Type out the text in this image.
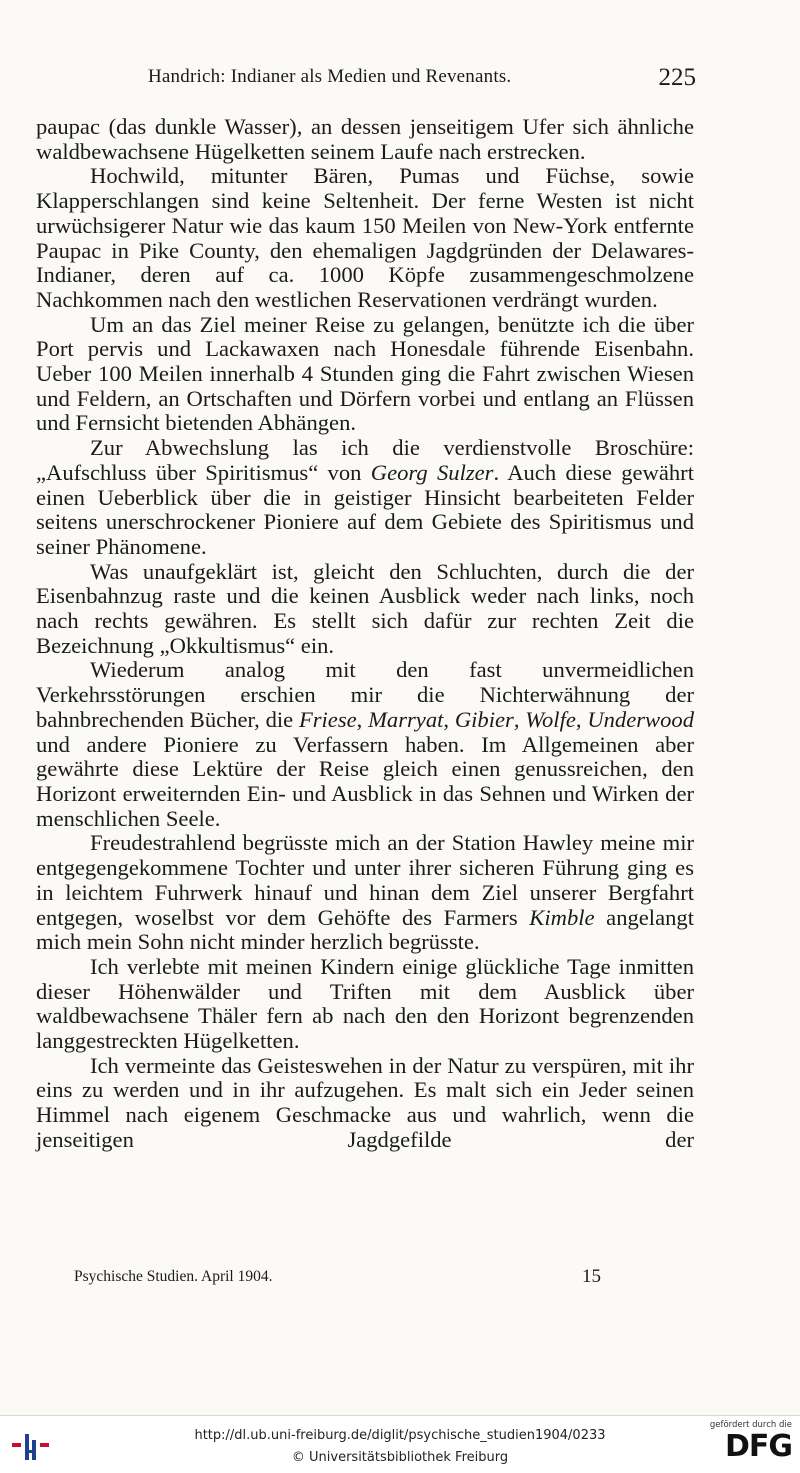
Handrich: Indianer als Medien und Revenants.	225

paupac (das dunkle Wasser), an dessen jenseitigem Ufer sich ähnliche waldbewachsene Hügelketten seinem Laufe nach erstrecken.

Hochwild, mitunter Bären, Pumas und Füchse, sowie Klapperschlangen sind keine Seltenheit. Der ferne Westen ist nicht urwüchsigerer Natur wie das kaum 150 Meilen von New-York entfernte Paupac in Pike County, den ehemaligen Jagdgründen der Delawares-Indianer, deren auf ca. 1000 Köpfe zusammengeschmolzene Nachkommen nach den westlichen Reservationen verdrängt wurden.

Um an das Ziel meiner Reise zu gelangen, benützte ich die über Port pervis und Lackawaxen nach Honesdale führende Eisenbahn. Ueber 100 Meilen innerhalb 4 Stunden ging die Fahrt zwischen Wiesen und Feldern, an Ortschaften und Dörfern vorbei und entlang an Flüssen und Fernsicht bietenden Abhängen.

Zur Abwechslung las ich die verdienstvolle Broschüre: „Aufschluss über Spiritismus“ von Georg Sulzer. Auch diese gewährt einen Ueberblick über die in geistiger Hinsicht bearbeiteten Felder seitens unerschrockener Pioniere auf dem Gebiete des Spiritismus und seiner Phänomene.

Was unaufgeklärt ist, gleicht den Schluchten, durch die der Eisenbahnzug raste und die keinen Ausblick weder nach links, noch nach rechts gewähren. Es stellt sich dafür zur rechten Zeit die Bezeichnung „Okkultismus“ ein.

Wiederum analog mit den fast unvermeidlichen Verkehrsstörungen erschien mir die Nichterwähnung der bahnbrechenden Bücher, die Friese, Marryat, Gibier, Wolfe, Underwood und andere Pioniere zu Verfassern haben. Im Allgemeinen aber gewährte diese Lektüre der Reise gleich einen genussreichen, den Horizont erweiternden Ein- und Ausblick in das Sehnen und Wirken der menschlichen Seele.

Freudestrahlend begrüsste mich an der Station Hawley meine mir entgegengekommene Tochter und unter ihrer sicheren Führung ging es in leichtem Fuhrwerk hinauf und hinan dem Ziel unserer Bergfahrt entgegen, woselbst vor dem Gehöfte des Farmers Kimble angelangt mich mein Sohn nicht minder herzlich begrüsste.

Ich verlebte mit meinen Kindern einige glückliche Tage inmitten dieser Höhenwälder und Triften mit dem Ausblick über waldbewachsene Thäler fern ab nach den den Horizont begrenzenden langgestreckten Hügelketten.

Ich vermeinte das Geisteswehen in der Natur zu verspüren, mit ihr eins zu werden und in ihr aufzugehen. Es malt sich ein Jeder seinen Himmel nach eigenem Geschmacke aus und wahrlich, wenn die jenseitigen Jagdgefilde der

Psychische Studien. April 1904.	15
http://dl.ub.uni-freiburg.de/diglit/psychische_studien1904/0233
© Universitätsbibliothek Freiburg
gefördert durch die
DFG
